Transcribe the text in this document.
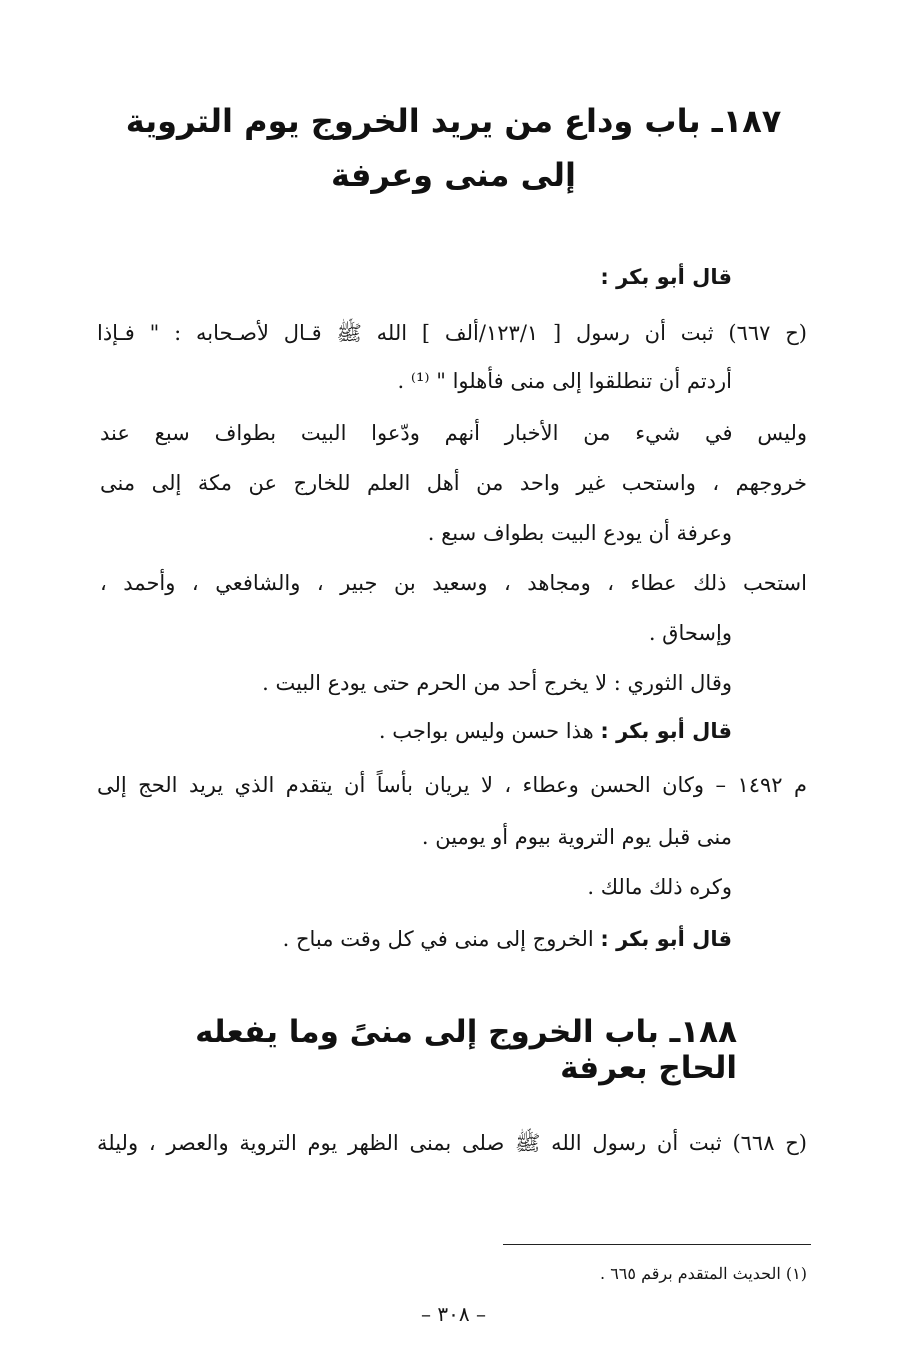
١٨٧ـ باب وداع من يريد الخروج يوم التروية
إلى منى وعرفة
قال أبو بكر :
(ح ٦٦٧) ثبت أن رسول [ ١٢٣/١/ألف ] الله ﷺ قـال لأصـحابه : " فـإذا
أردتم أن تنطلقوا إلى منى فأهلوا " ⁽¹⁾ .
وليس في شيء من الأخبار أنهم ودّعوا البيت بطواف سبع عند
خروجهم ، واستحب غير واحد من أهل العلم للخارج عن مكة إلى منى
وعرفة أن يودع البيت بطواف سبع .
استحب ذلك عطاء ، ومجاهد ، وسعيد بن جبير ، والشافعي ، وأحمد ،
وإسحاق .
وقال الثوري : لا يخرج أحد من الحرم حتى يودع البيت .
قال أبو بكر : هذا حسن وليس بواجب .
م ١٤٩٢ – وكان الحسن وعطاء ، لا يريان بأساً أن يتقدم الذي يريد الحج إلى
منى قبل يوم التروية بيوم أو يومين .
وكره ذلك مالك .
قال أبو بكر : الخروج إلى منى في كل وقت مباح .
١٨٨ـ باب الخروج إلى منىً وما يفعله الحاج بعرفة
(ح ٦٦٨) ثبت أن رسول الله ﷺ صلى بمنى الظهر يوم التروية والعصر ، وليلة
(١) الحديث المتقدم برقم ٦٦٥ .
– ٣٠٨ –
